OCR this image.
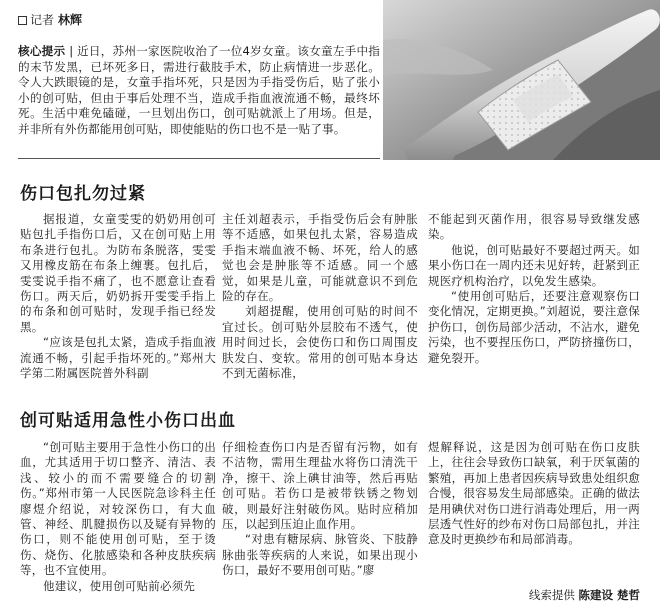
记者 林辉
核心提示 | 近日，苏州一家医院收治了一位4岁女童。该女童左手中指的末节发黑，已坏死多日，需进行截肢手术，防止病情进一步恶化。令人大跌眼镜的是，女童手指坏死，只是因为手指受伤后，贴了张小小的创可贴，但由于事后处理不当，造成手指血液流通不畅，最终坏死。生活中难免磕碰，一旦划出伤口，创可贴就派上了用场。但是，并非所有外伤都能用创可贴，即使能贴的伤口也不是一贴了事。
伤口包扎勿过紧

据报道，女童雯雯的奶奶用创可贴包扎手指伤口后，又在创可贴上用布条进行包扎。为防布条脱落，雯雯又用橡皮筋在布条上缠裹。包扎后，雯雯说手指不痛了，也不愿意让查看伤口。两天后，奶奶拆开雯雯手指上的布条和创可贴时，发现手指已经发黑。

“应该是包扎太紧，造成手指血液流通不畅，引起手指坏死的。”郑州大学第二附属医院普外科副

主任刘超表示，手指受伤后会有肿胀等不适感，如果包扎太紧，容易造成手指末端血液不畅、坏死，给人的感觉也会是肿胀等不适感。同一个感觉，如果是儿童，可能就意识不到危险的存在。

刘超提醒，使用创可贴的时间不宜过长。创可贴外层胶布不透气，使用时间过长，会使伤口和伤口周围皮肤发白、变软。常用的创可贴本身达不到无菌标准，

不能起到灭菌作用，很容易导致继发感染。

他说，创可贴最好不要超过两天。如果小伤口在一周内还未见好转，赶紧到正规医疗机构治疗，以免发生感染。

“使用创可贴后，还要注意观察伤口变化情况，定期更换。”刘超说，要注意保护伤口，创伤局部少活动，不沾水，避免污染，也不要捏压伤口，严防挤撞伤口，避免裂开。

创可贴适用急性小伤口出血

“创可贴主要用于急性小伤口的出血，尤其适用于切口整齐、清洁、表浅、较小的而不需要缝合的切割伤。”郑州市第一人民医院急诊科主任廖煜介绍说，对较深伤口，有大血管、神经、肌腱损伤以及疑有异物的伤口，则不能使用创可贴，至于烫伤、烧伤、化脓感染和各种皮肤疾病等，也不宜使用。

他建议，使用创可贴前必须先

仔细检查伤口内是否留有污物，如有不洁物，需用生理盐水将伤口清洗干净，擦干、涂上碘甘油等，然后再贴创可贴。若伤口是被带铁锈之物划破，则最好注射破伤风。贴时应稍加压，以起到压迫止血作用。

“对患有糖尿病、脉管炎、下肢静脉曲张等疾病的人来说，如果出现小伤口，最好不要用创可贴。”廖

煜解释说，这是因为创可贴在伤口皮肤上，往往会导致伤口缺氧，利于厌氧菌的繁殖，再加上患者因疾病导致患处组织愈合慢，很容易发生局部感染。正确的做法是用碘伏对伤口进行消毒处理后，用一两层透气性好的纱布对伤口局部包扎，并注意及时更换纱布和局部消毒。

线索提供 陈建设 楚哲
